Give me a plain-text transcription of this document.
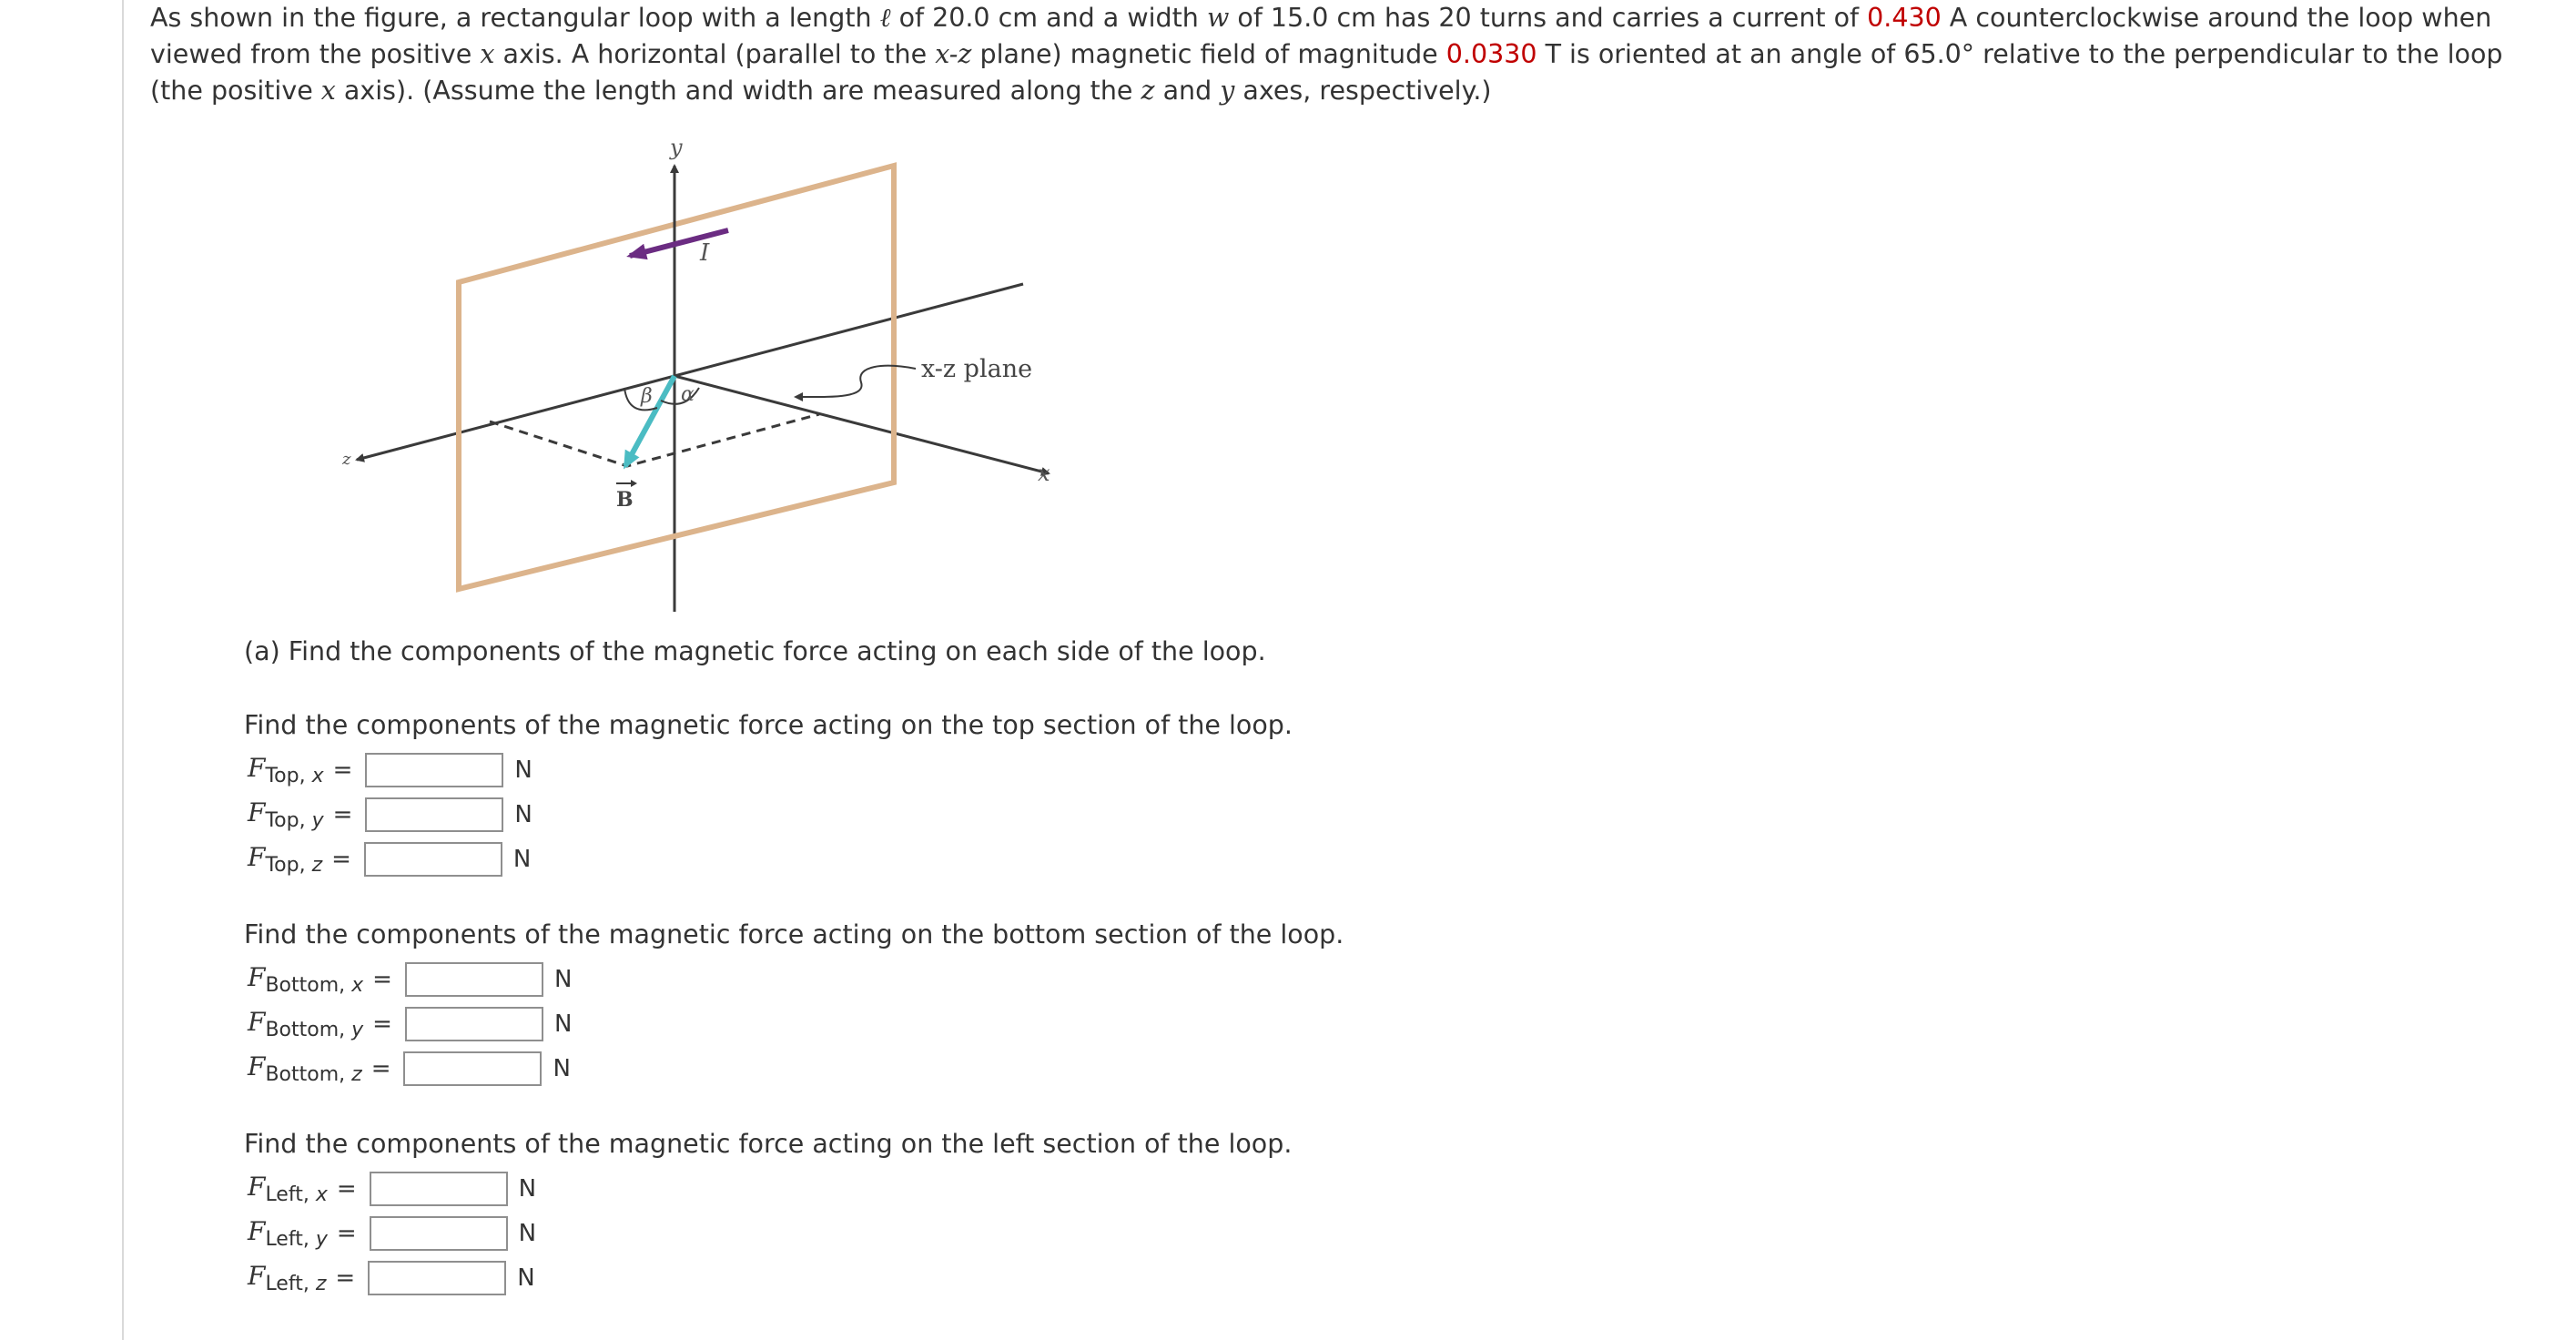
As shown in the figure, a rectangular loop with a length ℓ of 20.0 cm and a width w of 15.0 cm has 20 turns and carries a current of 0.430 A counterclockwise around the loop when viewed from the positive x axis. A horizontal (parallel to the x-z plane) magnetic field of magnitude 0.0330 T is oriented at an angle of 65.0° relative to the perpendicular to the loop (the positive x axis). (Assume the length and width are measured along the z and y axes, respectively.)
y
I
x-z plane
β α
B
x
z
(a) Find the components of the magnetic force acting on each side of the loop.
Find the components of the magnetic force acting on the top section of the loop.
$F_{Top, x}$ =	N
$F_{Top, y}$ =	N
$F_{Top, z}$ =	N
Find the components of the magnetic force acting on the bottom section of the loop.
$F_{Bottom, x}$ =	N
$F_{Bottom, y}$ =	N
$F_{Bottom, z}$ =	N
Find the components of the magnetic force acting on the left section of the loop.
$F_{Left, x}$ =	N
$F_{Left, y}$ =	N
$F_{Left, z}$ =	N
